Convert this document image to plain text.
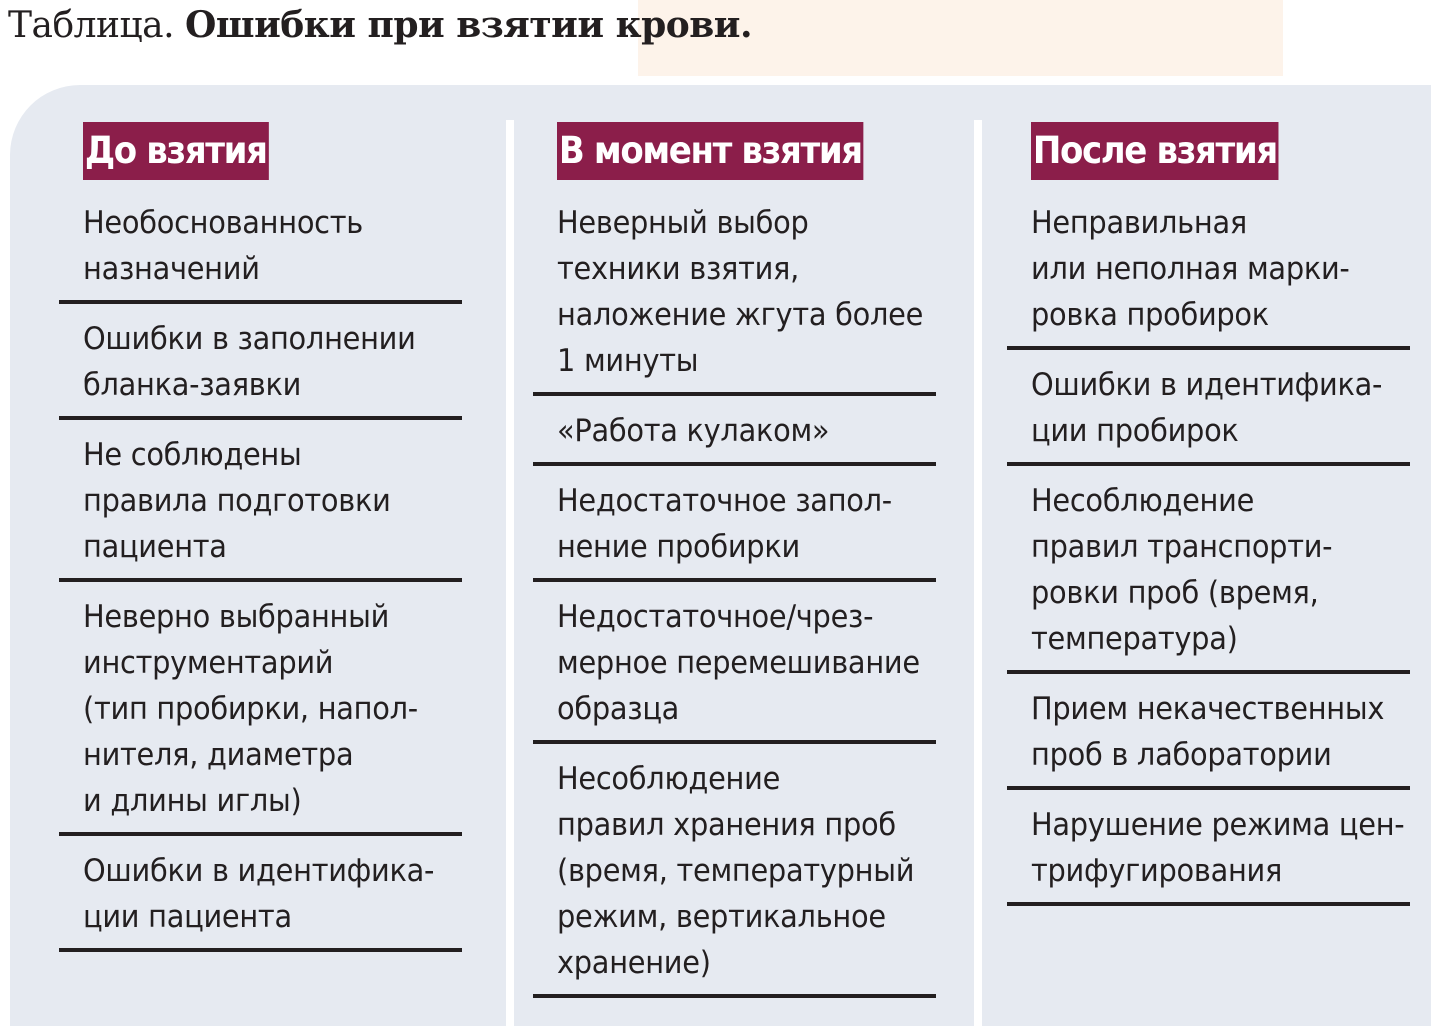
Таблица. Ошибки при взятии крови.
До взятия
Необоснованность
назначений
Ошибки в заполнении
бланка-заявки
Не соблюдены
правила подготовки
пациента
Неверно выбранный
инструментарий
(тип пробирки, напол-
нителя, диаметра
и длины иглы)
Ошибки в идентифика-
ции пациента
В момент взятия
Неверный выбор
техники взятия,
наложение жгута более
1 минуты
«Работа кулаком»
Недостаточное запол-
нение пробирки
Недостаточное/чрез-
мерное перемешивание
образца
Несоблюдение
правил хранения проб
(время, температурный
режим, вертикальное
хранение)
После взятия
Неправильная
или неполная марки-
ровка пробирок
Ошибки в идентифика-
ции пробирок
Несоблюдение
правил транспорти-
ровки проб (время,
температура)
Прием некачественных
проб в лаборатории
Нарушение режима цен-
трифугирования
